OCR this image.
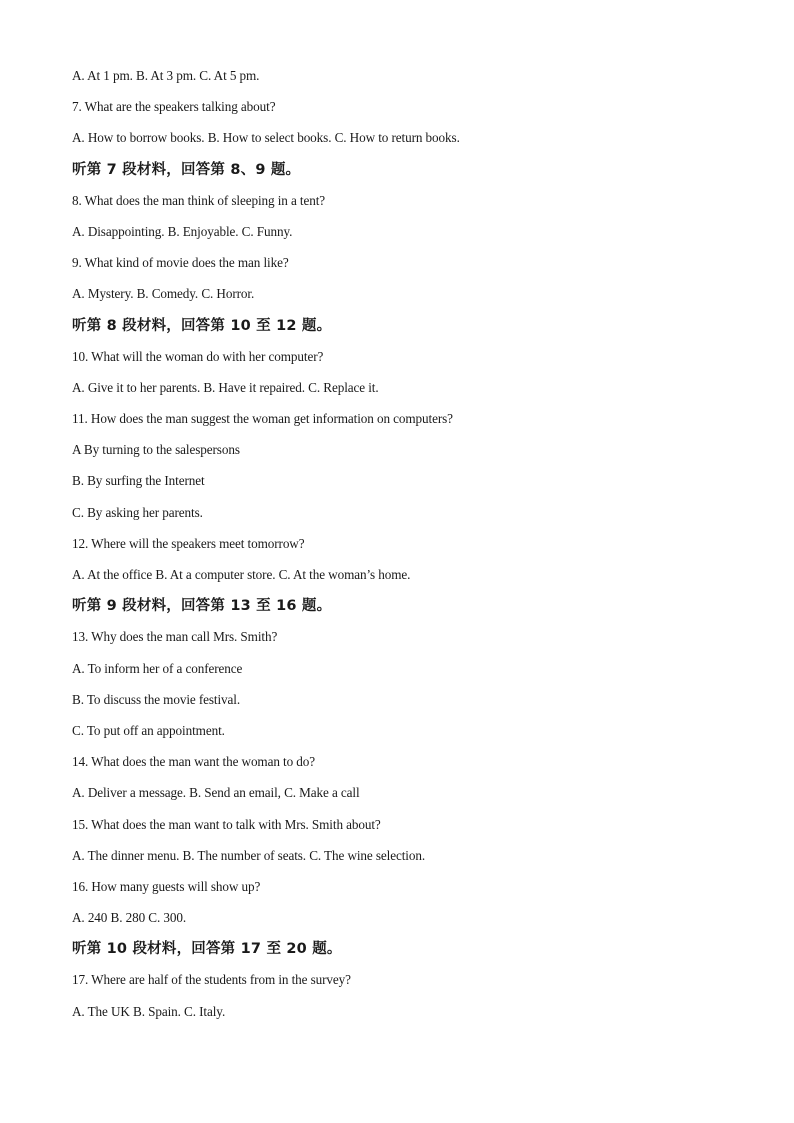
A. At 1 pm. B. At 3 pm. C. At 5 pm.
7. What are the speakers talking about?
A. How to borrow books. B. How to select books. C. How to return books.
听第 7 段材料，回答第 8、9 题。
8. What does the man think of sleeping in a tent?
A. Disappointing. B. Enjoyable. C. Funny.
9. What kind of movie does the man like?
A. Mystery. B. Comedy. C. Horror.
听第 8 段材料，回答第 10 至 12 题。
10. What will the woman do with her computer?
A. Give it to her parents. B. Have it repaired. C. Replace it.
11. How does the man suggest the woman get information on computers?
A By turning to the salespersons
B. By surfing the Internet
C. By asking her parents.
12. Where will the speakers meet tomorrow?
A. At the office B. At a computer store. C. At the woman’s home.
听第 9 段材料，回答第 13 至 16 题。
13. Why does the man call Mrs. Smith?
A. To inform her of a conference
B. To discuss the movie festival.
C. To put off an appointment.
14. What does the man want the woman to do?
A. Deliver a message. B. Send an email, C. Make a call
15. What does the man want to talk with Mrs. Smith about?
A. The dinner menu. B. The number of seats. C. The wine selection.
16. How many guests will show up?
A. 240 B. 280 C. 300.
听第 10 段材料，回答第 17 至 20 题。
17. Where are half of the students from in the survey?
A. The UK B. Spain. C. Italy.
